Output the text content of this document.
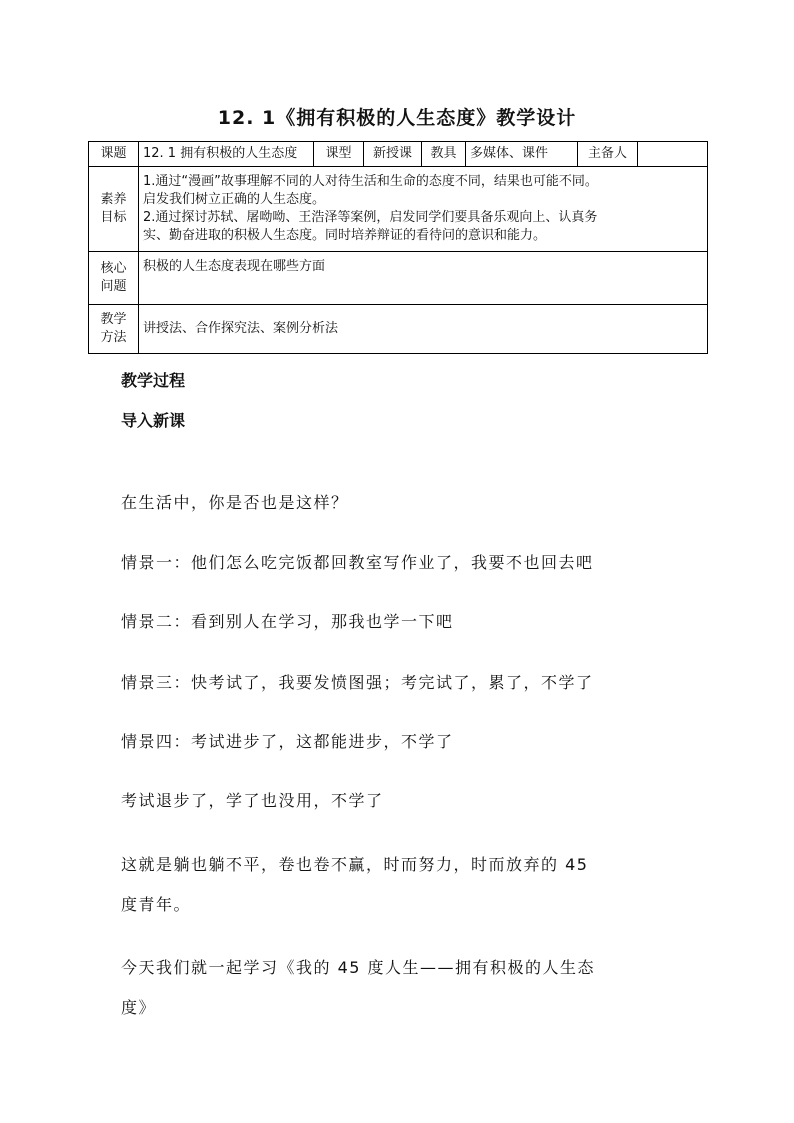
12. 1《拥有积极的人生态度》教学设计
课题	12. 1 拥有积极的人生态度	课型	新授课	教具	多媒体、课件	主备人	

素养
目标	1.通过“漫画”故事理解不同的人对待生活和生命的态度不同，结果也可能不同。
启发我们树立正确的人生态度。
2.通过探讨苏轼、屠呦呦、王浩泽等案例，启发同学们要具备乐观向上、认真务
实、勤奋进取的积极人生态度。同时培养辩证的看待问的意识和能力。						

核心
问题	积极的人生态度表现在哪些方面						

教学
方法	讲授法、合作探究法、案例分析法						
教学过程
导入新课
在生活中，你是否也是这样？
情景一：他们怎么吃完饭都回教室写作业了，我要不也回去吧
情景二：看到别人在学习，那我也学一下吧
情景三：快考试了，我要发愤图强；考完试了，累了，不学了
情景四：考试进步了，这都能进步，不学了
考试退步了，学了也没用，不学了
这就是躺也躺不平，卷也卷不赢，时而努力，时而放弃的 45
度青年。
今天我们就一起学习《我的 45 度人生——拥有积极的人生态
度》
